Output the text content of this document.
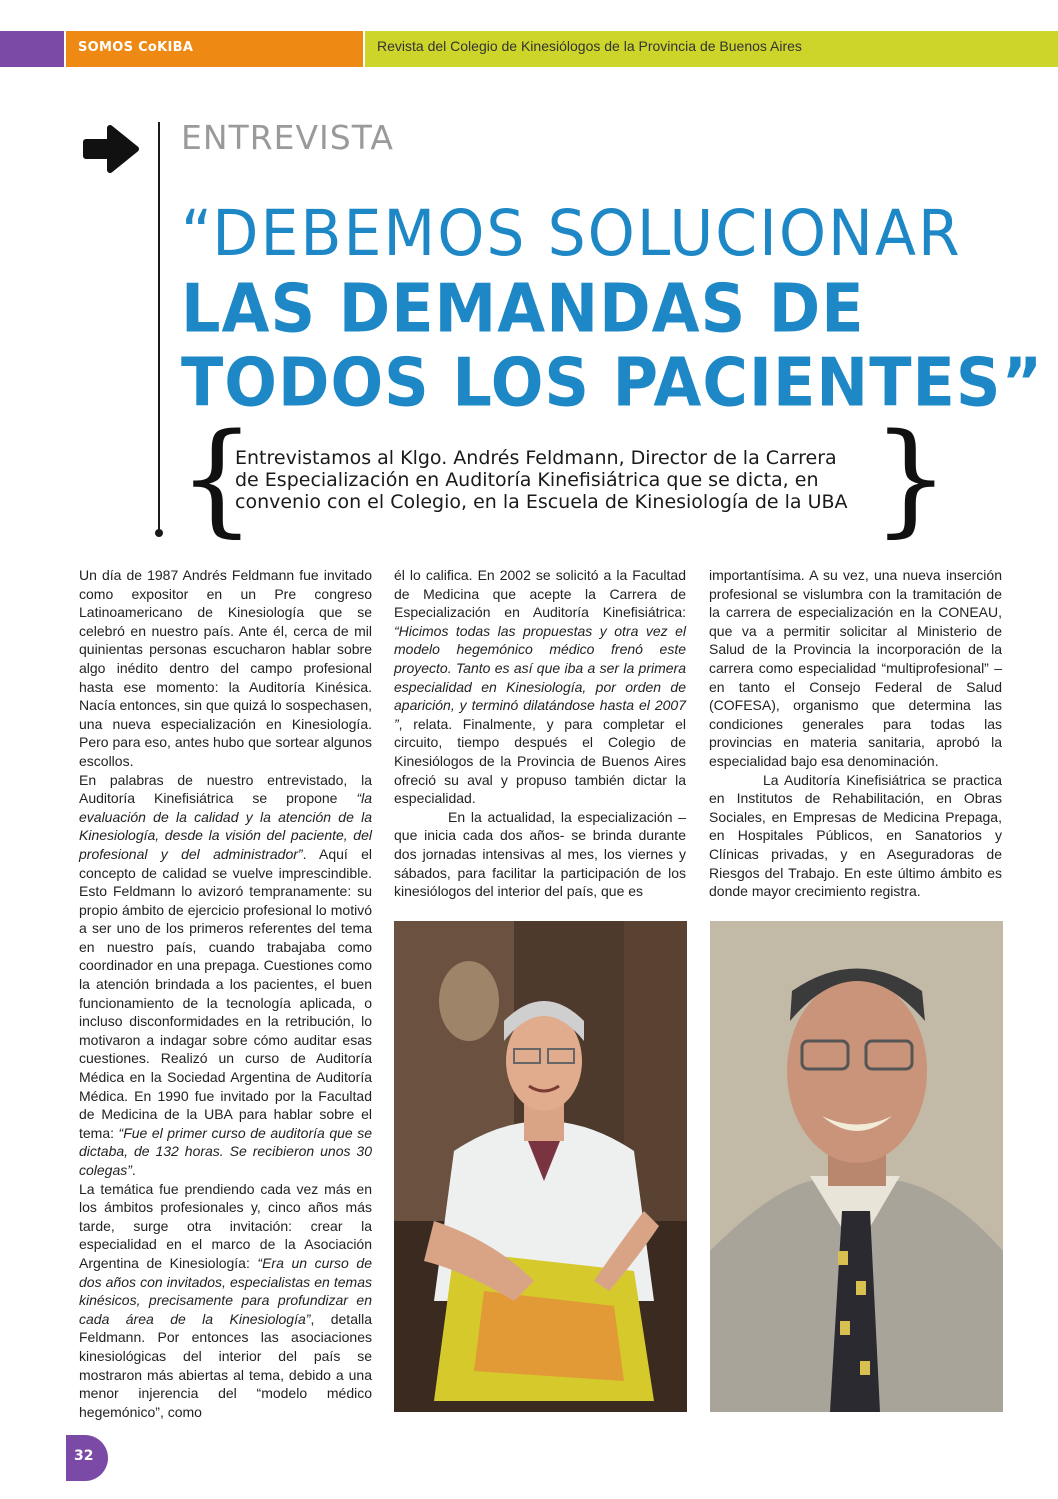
SOMOS CoKIBA	Revista del Colegio de Kinesiólogos de la Provincia de Buenos Aires
ENTREVISTA
“DEBEMOS SOLUCIONAR
LAS DEMANDAS DE
TODOS LOS PACIENTES”
{
Entrevistamos al Klgo. Andrés Feldmann, Director de la Carrera de Especialización en Auditoría Kinefisiátrica que se dicta, en convenio con el Colegio, en la Escuela de Kinesiología de la UBA }

Un día de 1987 Andrés Feldmann fue invitado como expositor en un Pre congreso Latinoamericano de Kinesiología que se celebró en nuestro país. Ante él, cerca de mil quinientas personas escucharon hablar sobre algo inédito dentro del campo profesional hasta ese momento: la Auditoría Kinésica. Nacía entonces, sin que quizá lo sospechasen, una nueva especialización en Kinesiología. Pero para eso, antes hubo que sortear algunos escollos.

En palabras de nuestro entrevistado, la Auditoría Kinefisiátrica se propone “la evaluación de la calidad y la atención de la Kinesiología, desde la visión del paciente, del profesional y del administrador”. Aquí el concepto de calidad se vuelve imprescindible. Esto Feldmann lo avizoró tempranamente: su propio ámbito de ejercicio profesional lo motivó a ser uno de los primeros referentes del tema en nuestro país, cuando trabajaba como coordinador en una prepaga. Cuestiones como la atención brindada a los pacientes, el buen funcionamiento de la tecnología aplicada, o incluso disconformidades en la retribución, lo motivaron a indagar sobre cómo auditar esas cuestiones. Realizó un curso de Auditoría Médica en la Sociedad Argentina de Auditoría Médica. En 1990 fue invitado por la Facultad de Medicina de la UBA para hablar sobre el tema: “Fue el primer curso de auditoría que se dictaba, de 132 horas. Se recibieron unos 30 colegas”.

La temática fue prendiendo cada vez más en los ámbitos profesionales y, cinco años más tarde, surge otra invitación: crear la especialidad en el marco de la Asociación Argentina de Kinesiología: “Era un curso de dos años con invitados, especialistas en temas kinésicos, precisamente para profundizar en cada área de la Kinesiología”, detalla Feldmann. Por entonces las asociaciones kinesiológicas del interior del país se mostraron más abiertas al tema, debido a una menor injerencia del “modelo médico hegemónico”, como

él lo califica. En 2002 se solicitó a la Facultad de Medicina que acepte la Carrera de Especialización en Auditoría Kinefisiátrica: “Hicimos todas las propuestas y otra vez el modelo hegemónico médico frenó este proyecto. Tanto es así que iba a ser la primera especialidad en Kinesiología, por orden de aparición, y terminó dilatándose hasta el 2007 ”, relata. Finalmente, y para completar el circuito, tiempo después el Colegio de Kinesiólogos de la Provincia de Buenos Aires ofreció su aval y propuso también dictar la especialidad.

En la actualidad, la especialización –que inicia cada dos años- se brinda durante dos jornadas intensivas al mes, los viernes y sábados, para facilitar la participación de los kinesiólogos del interior del país, que es

importantísima. A su vez, una nueva inserción profesional se vislumbra con la tramitación de la carrera de especialización en la CONEAU, que va a permitir solicitar al Ministerio de Salud de la Provincia la incorporación de la carrera como especialidad “multiprofesional” –en tanto el Consejo Federal de Salud (COFESA), organismo que determina las condiciones generales para todas las provincias en materia sanitaria, aprobó la especialidad bajo esa denominación.

La Auditoría Kinefisiátrica se practica en Institutos de Rehabilitación, en Obras Sociales, en Empresas de Medicina Prepaga, en Hospitales Públicos, en Sanatorios y Clínicas privadas, y en Aseguradoras de Riesgos del Trabajo. En este último ámbito es donde mayor crecimiento registra.

32
